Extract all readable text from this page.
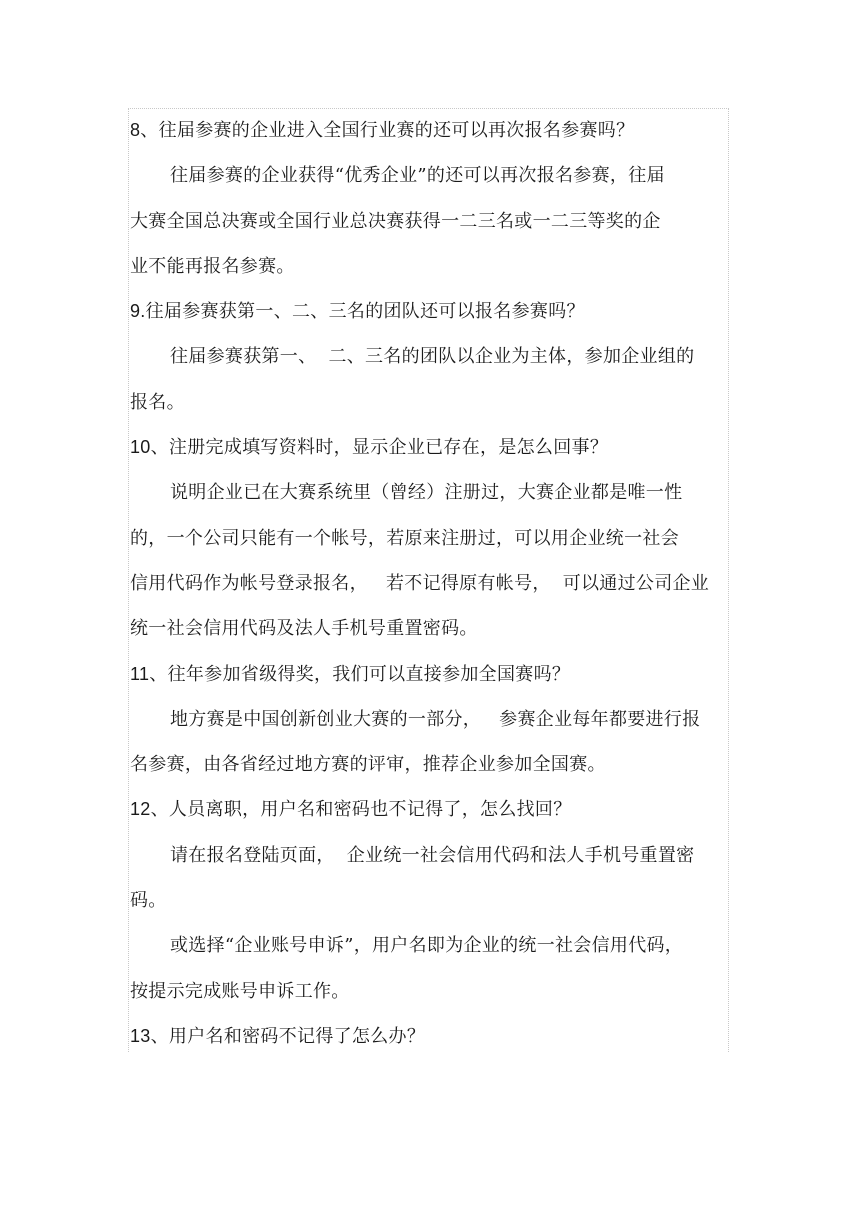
8、往届参赛的企业进入全国行业赛的还可以再次报名参赛吗？
往届参赛的企业获得“优秀企业”的还可以再次报名参赛，往届
大赛全国总决赛或全国行业总决赛获得一二三名或一二三等奖的企
业不能再报名参赛。
9.往届参赛获第一、二、三名的团队还可以报名参赛吗？
往届参赛获第一、  二、三名的团队以企业为主体，参加企业组的
报名。
10、注册完成填写资料时，显示企业已存在，是怎么回事？
说明企业已在大赛系统里（曾经）注册过，大赛企业都是唯一性
的，一个公司只能有一个帐号，若原来注册过，可以用企业统一社会
信用代码作为帐号登录报名，   若不记得原有帐号，  可以通过公司企业
统一社会信用代码及法人手机号重置密码。
11、往年参加省级得奖，我们可以直接参加全国赛吗？
地方赛是中国创新创业大赛的一部分，   参赛企业每年都要进行报
名参赛，由各省经过地方赛的评审，推荐企业参加全国赛。
12、人员离职，用户名和密码也不记得了，怎么找回？
请在报名登陆页面，  企业统一社会信用代码和法人手机号重置密
码。
或选择“企业账号申诉”，用户名即为企业的统一社会信用代码，
按提示完成账号申诉工作。
13、用户名和密码不记得了怎么办？
